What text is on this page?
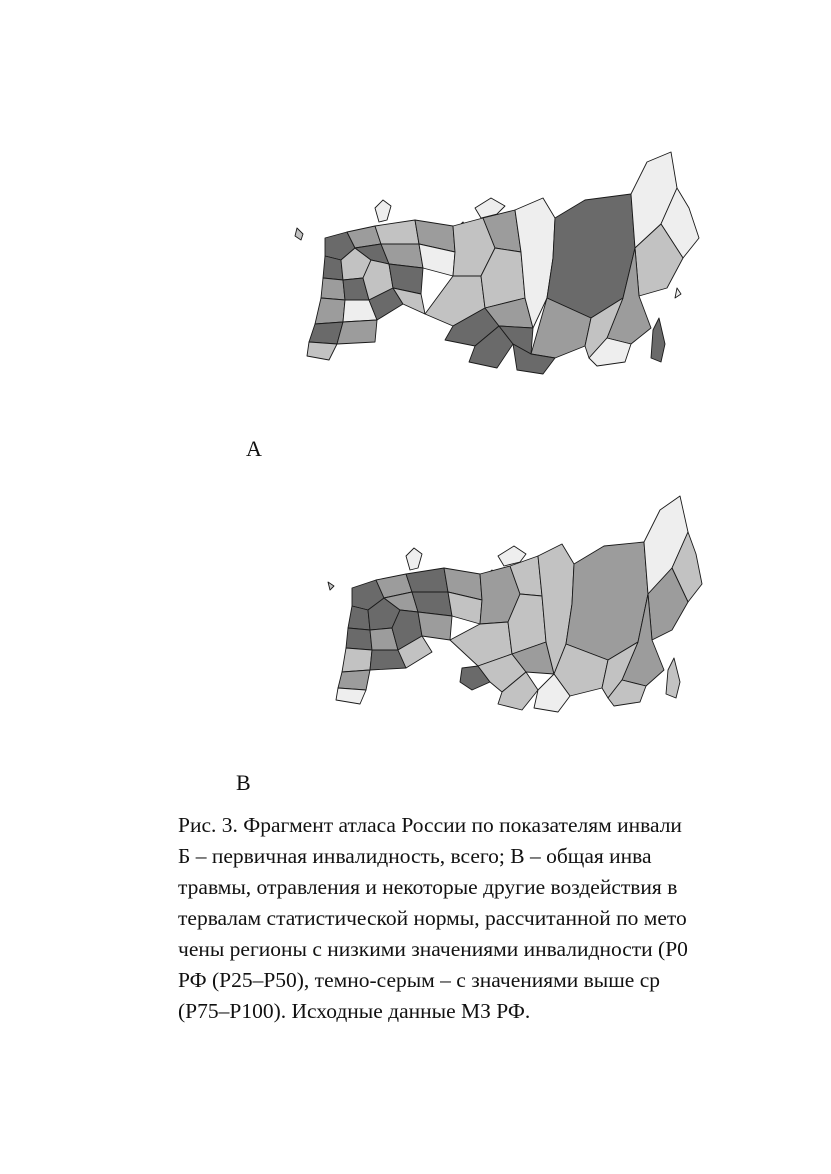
А
В
Рис. 3. Фрагмент атласа России по показателям инвали
Б – первичная инвалидность, всего; В – общая инва
травмы, отравления и некоторые другие воздействия в
тервалам статистической нормы, рассчитанной по мето
чены регионы с низкими значениями инвалидности (Р0
РФ (Р25–Р50), темно-серым – с значениями выше ср
(Р75–Р100). Исходные данные МЗ РФ.
